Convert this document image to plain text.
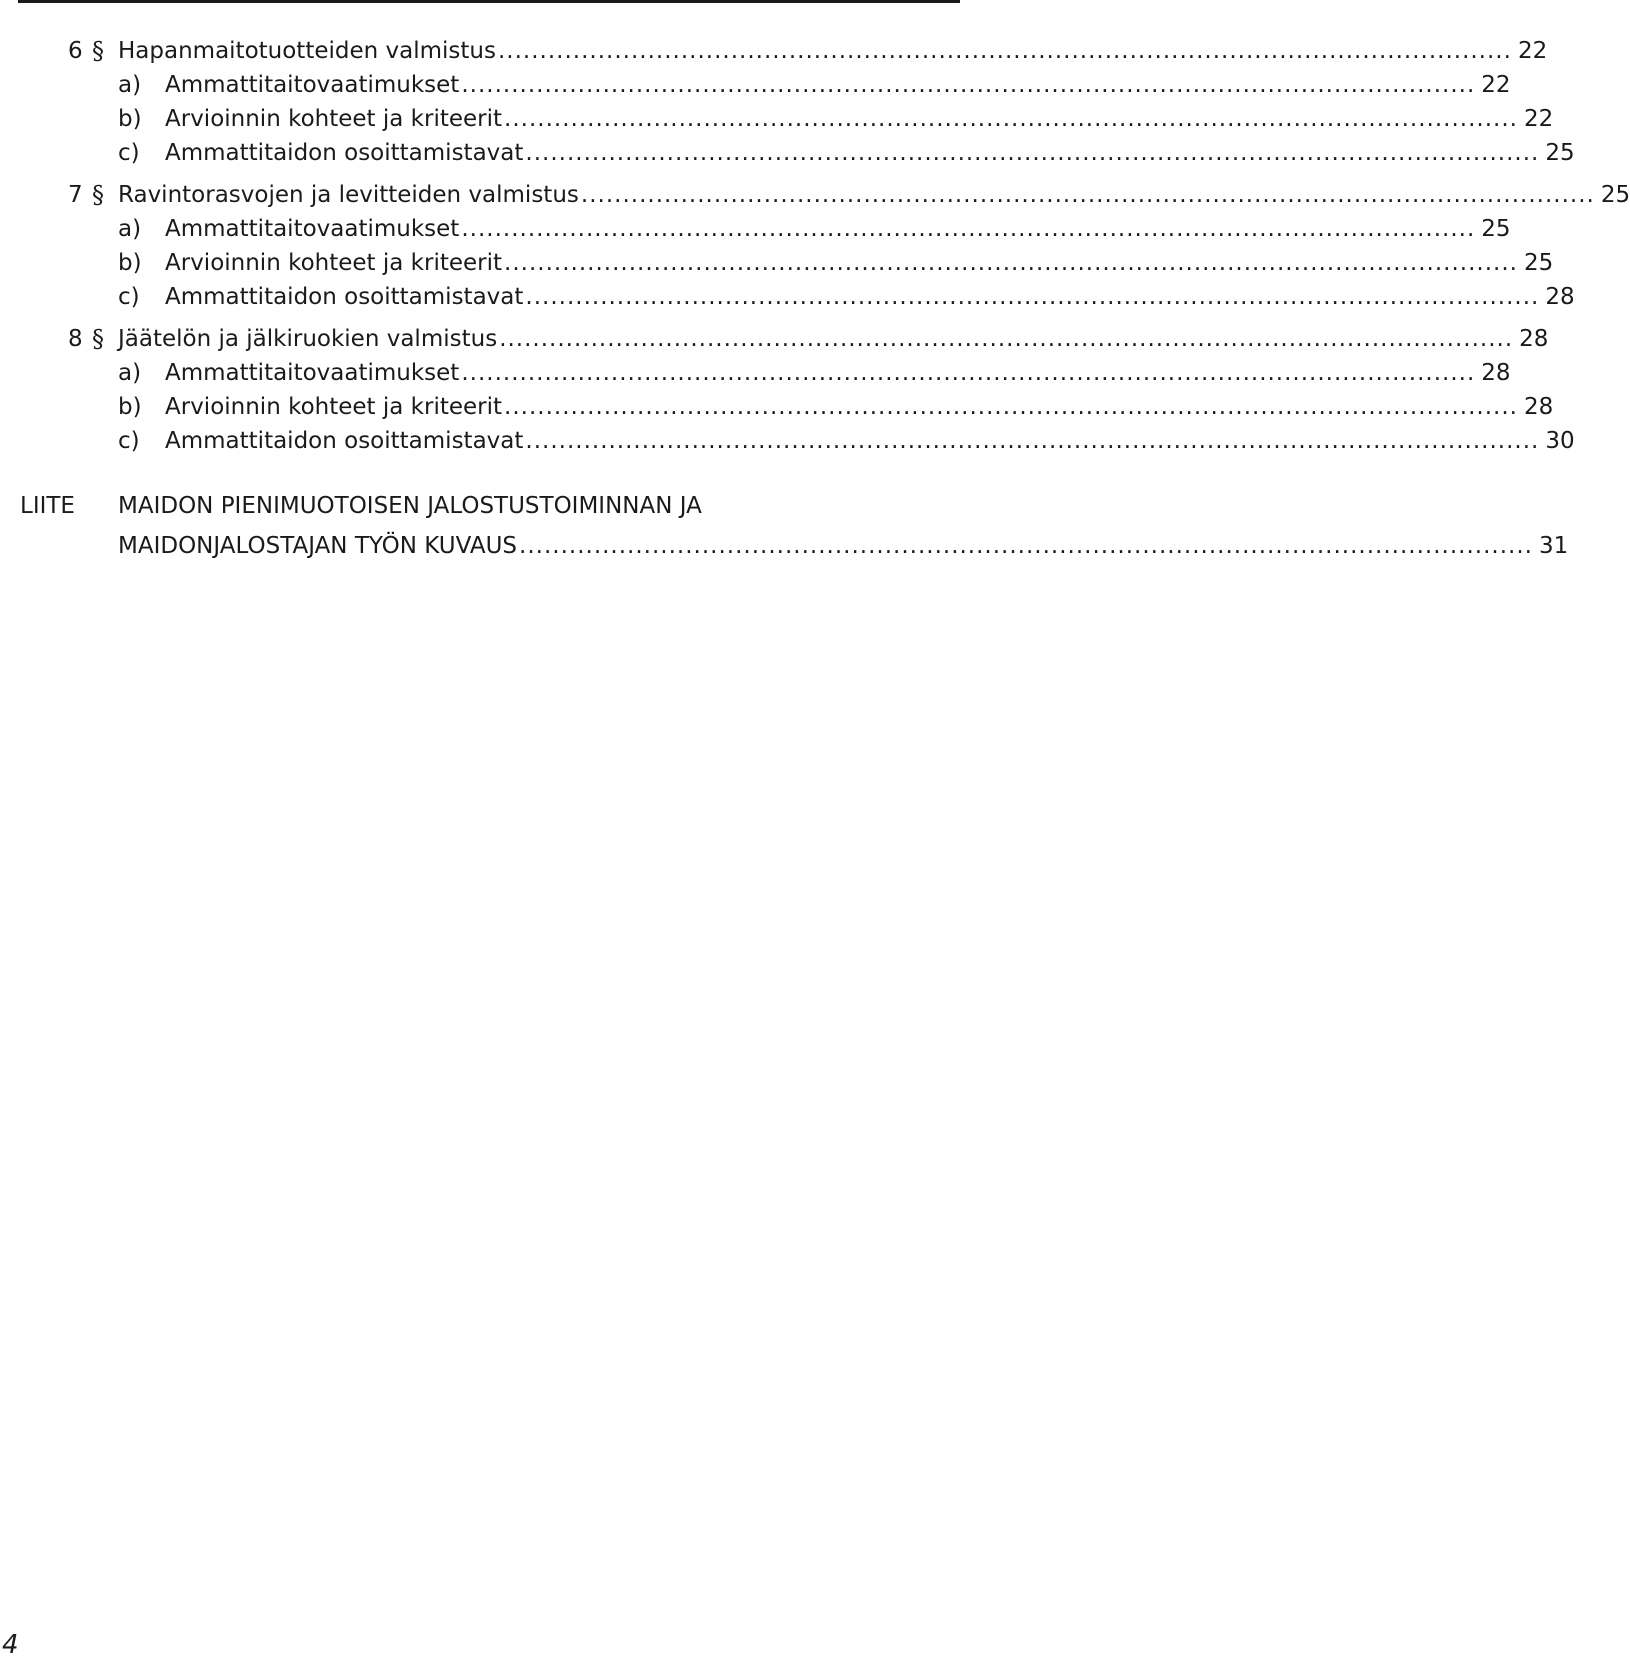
6 § Hapanmaitotuotteiden valmistus .......................................................................................................................... 22
a) Ammattitaitovaatimukset .......................................................................................................................... 22
b) Arvioinnin kohteet ja kriteerit .......................................................................................................................... 22
c) Ammattitaidon osoittamistavat .......................................................................................................................... 25
7 § Ravintorasvojen ja levitteiden valmistus .......................................................................................................................... 25
a) Ammattitaitovaatimukset .......................................................................................................................... 25
b) Arvioinnin kohteet ja kriteerit .......................................................................................................................... 25
c) Ammattitaidon osoittamistavat .......................................................................................................................... 28
8 § Jäätelön ja jälkiruokien valmistus .......................................................................................................................... 28
a) Ammattitaitovaatimukset .......................................................................................................................... 28
b) Arvioinnin kohteet ja kriteerit .......................................................................................................................... 28
c) Ammattitaidon osoittamistavat .......................................................................................................................... 30
LIITE MAIDON PIENIMUOTOISEN JALOSTUSTOIMINNAN JA
MAIDONJALOSTAJAN TYÖN KUVAUS .......................................................................................................................... 31
4
